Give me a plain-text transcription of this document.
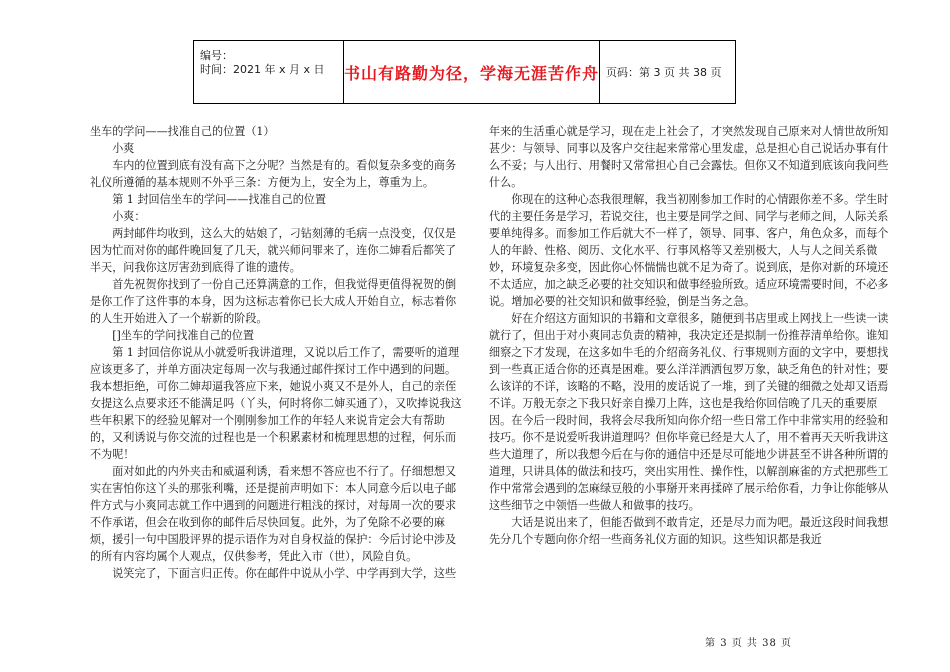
编号：
时间：2021 年 x 月 x 日	书山有路勤为径，学海无涯苦作舟 页码：第 3 页 共 38 页

坐车的学问——找准自己的位置（1）

　　小爽

　　车内的位置到底有没有高下之分呢？当然是有的。看似复杂多变的商务礼仪所遵循的基本规则不外乎三条：方便为上，安全为上，尊重为上。

　　第 1 封回信坐车的学问——找准自己的位置

　　小爽：

　　两封邮件均收到，这么大的姑娘了，刁钻刻薄的毛病一点没变，仅仅是因为忙而对你的邮件晚回复了几天，就兴师问罪来了，连你二婶看后都笑了半天，问我你这厉害劲到底得了谁的遗传。

　　首先祝贺你找到了一份自己还算满意的工作，但我觉得更值得祝贺的倒是你工作了这件事的本身，因为这标志着你已长大成人开始自立，标志着你的人生开始进入了一个崭新的阶段。

　　[]坐车的学问找准自己的位置

　　第 1 封回信你说从小就爱听我讲道理，又说以后工作了，需要听的道理应该更多了，并单方面决定每周一次与我通过邮件探讨工作中遇到的问题。我本想拒绝，可你二婶却逼我答应下来，她说小爽又不是外人，自己的亲侄女提这么点要求还不能满足吗（丫头，何时将你二婶买通了），又吹捧说我这些年积累下的经验见解对一个刚刚参加工作的年轻人来说肯定会大有帮助的，又利诱说与你交流的过程也是一个积累素材和梳理思想的过程，何乐而不为呢！

　　面对如此的内外夹击和威逼利诱，看来想不答应也不行了。仔细想想又实在害怕你这丫头的那张利嘴，还是提前声明如下：本人同意今后以电子邮件方式与小爽同志就工作中遇到的问题进行粗浅的探讨，对每周一次的要求不作承诺，但会在收到你的邮件后尽快回复。此外，为了免除不必要的麻烦，援引一句中国股评界的提示语作为对自身权益的保护：今后讨论中涉及的所有内容均属个人观点，仅供参考，凭此入市（世），风险自负。

　　说笑完了，下面言归正传。你在邮件中说从小学、中学再到大学，这些

年来的生活重心就是学习，现在走上社会了，才突然发现自己原来对人情世故所知甚少：与领导、同事以及客户交往起来常常心里发虚，总是担心自己说话办事有什么不妥；与人出行、用餐时又常常担心自己会露怯。但你又不知道到底该向我问些什么。

　　你现在的这种心态我很理解，我当初刚参加工作时的心情跟你差不多。学生时代的主要任务是学习，若说交往，也主要是同学之间、同学与老师之间，人际关系要单纯得多。而参加工作后就大不一样了，领导、同事、客户，角色众多，而每个人的年龄、性格、阅历、文化水平、行事风格等又差别极大，人与人之间关系微妙，环境复杂多变，因此你心怀惴惴也就不足为奇了。说到底，是你对新的环境还不太适应，加之缺乏必要的社交知识和做事经验所致。适应环境需要时间，不必多说。增加必要的社交知识和做事经验，倒是当务之急。

　　好在介绍这方面知识的书籍和文章很多，随便到书店里或上网找上一些读一读就行了，但出于对小爽同志负责的精神，我决定还是拟制一份推荐清单给你。谁知细察之下才发现，在这多如牛毛的介绍商务礼仪、行事规则方面的文字中，要想找到一些真正适合你的还真是困难。要么洋洋洒洒包罗万象，缺乏角色的针对性；要么该详的不详，该略的不略，没用的废话说了一堆，到了关键的细微之处却又语焉不详。万般无奈之下我只好亲自操刀上阵，这也是我给你回信晚了几天的重要原因。在今后一段时间，我将会尽我所知向你介绍一些日常工作中非常实用的经验和技巧。你不是说爱听我讲道理吗？但你毕竟已经是大人了，用不着再天天听我讲这些大道理了，所以我想今后在与你的通信中还是尽可能地少讲甚至不讲各种所谓的道理，只讲具体的做法和技巧，突出实用性、操作性，以解剖麻雀的方式把那些工作中常常会遇到的怎麻绿豆般的小事掰开来再揉碎了展示给你看，力争让你能够从这些细节之中领悟一些做人和做事的技巧。

　　大话是说出来了，但能否做到不敢肯定，还是尽力而为吧。最近这段时间我想先分几个专题向你介绍一些商务礼仪方面的知识。这些知识都是我近

第 3 页 共 38 页
